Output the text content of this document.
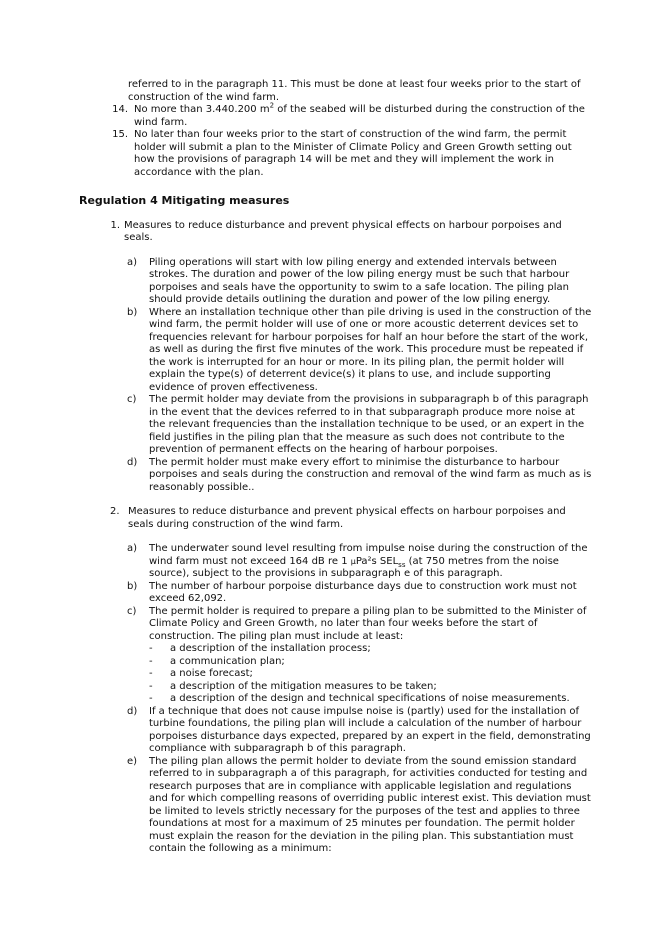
referred to in the paragraph 11. This must be done at least four weeks prior to the start of construction of the wind farm.

14. No more than 3.440.200 $m^2$ of the seabed will be disturbed during the construction of the wind farm.
15. No later than four weeks prior to the start of construction of the wind farm, the permit holder will submit a plan to the Minister of Climate Policy and Green Growth setting out how the provisions of paragraph 14 will be met and they will implement the work in accordance with the plan.

Regulation 4 Mitigating measures

1. Measures to reduce disturbance and prevent physical effects on harbour porpoises and seals.
a)	Piling operations will start with low piling energy and extended intervals between strokes. The duration and power of the low piling energy must be such that harbour porpoises and seals have the opportunity to swim to a safe location. The piling plan should provide details outlining the duration and power of the low piling energy.
b)	Where an installation technique other than pile driving is used in the construction of the wind farm, the permit holder will use of one or more acoustic deterrent devices set to frequencies relevant for harbour porpoises for half an hour before the start of the work, as well as during the first five minutes of the work. This procedure must be repeated if the work is interrupted for an hour or more. In its piling plan, the permit holder will explain the type(s) of deterrent device(s) it plans to use, and include supporting evidence of proven effectiveness.
c)	The permit holder may deviate from the provisions in subparagraph b of this paragraph in the event that the devices referred to in that subparagraph produce more noise at the relevant frequencies than the installation technique to be used, or an expert in the field justifies in the piling plan that the measure as such does not contribute to the prevention of permanent effects on the hearing of harbour porpoises.
d)	The permit holder must make every effort to minimise the disturbance to harbour porpoises and seals during the construction and removal of the wind farm as much as is reasonably possible..
2. Measures to reduce disturbance and prevent physical effects on harbour porpoises and seals during construction of the wind farm.
a)	The underwater sound level resulting from impulse noise during the construction of the wind farm must not exceed 164 dB re 1 μPa²s $SEL_{ss}$ (at 750 metres from the noise source), subject to the provisions in subparagraph e of this paragraph.
b)	The number of harbour porpoise disturbance days due to construction work must not exceed 62,092.
c)	The permit holder is required to prepare a piling plan to be submitted to the Minister of Climate Policy and Green Growth, no later than four weeks before the start of construction. The piling plan must include at least:
-	a description of the installation process;
-	a communication plan;
-	a noise forecast;
-	a description of the mitigation measures to be taken;
-	a description of the design and technical specifications of noise measurements.
d)	If a technique that does not cause impulse noise is (partly) used for the installation of turbine foundations, the piling plan will include a calculation of the number of harbour porpoises disturbance days expected, prepared by an expert in the field, demonstrating compliance with subparagraph b of this paragraph.
e)	The piling plan allows the permit holder to deviate from the sound emission standard referred to in subparagraph a of this paragraph, for activities conducted for testing and research purposes that are in compliance with applicable legislation and regulations and for which compelling reasons of overriding public interest exist. This deviation must be limited to levels strictly necessary for the purposes of the test and applies to three foundations at most for a maximum of 25 minutes per foundation. The permit holder must explain the reason for the deviation in the piling plan. This substantiation must contain the following as a minimum:
